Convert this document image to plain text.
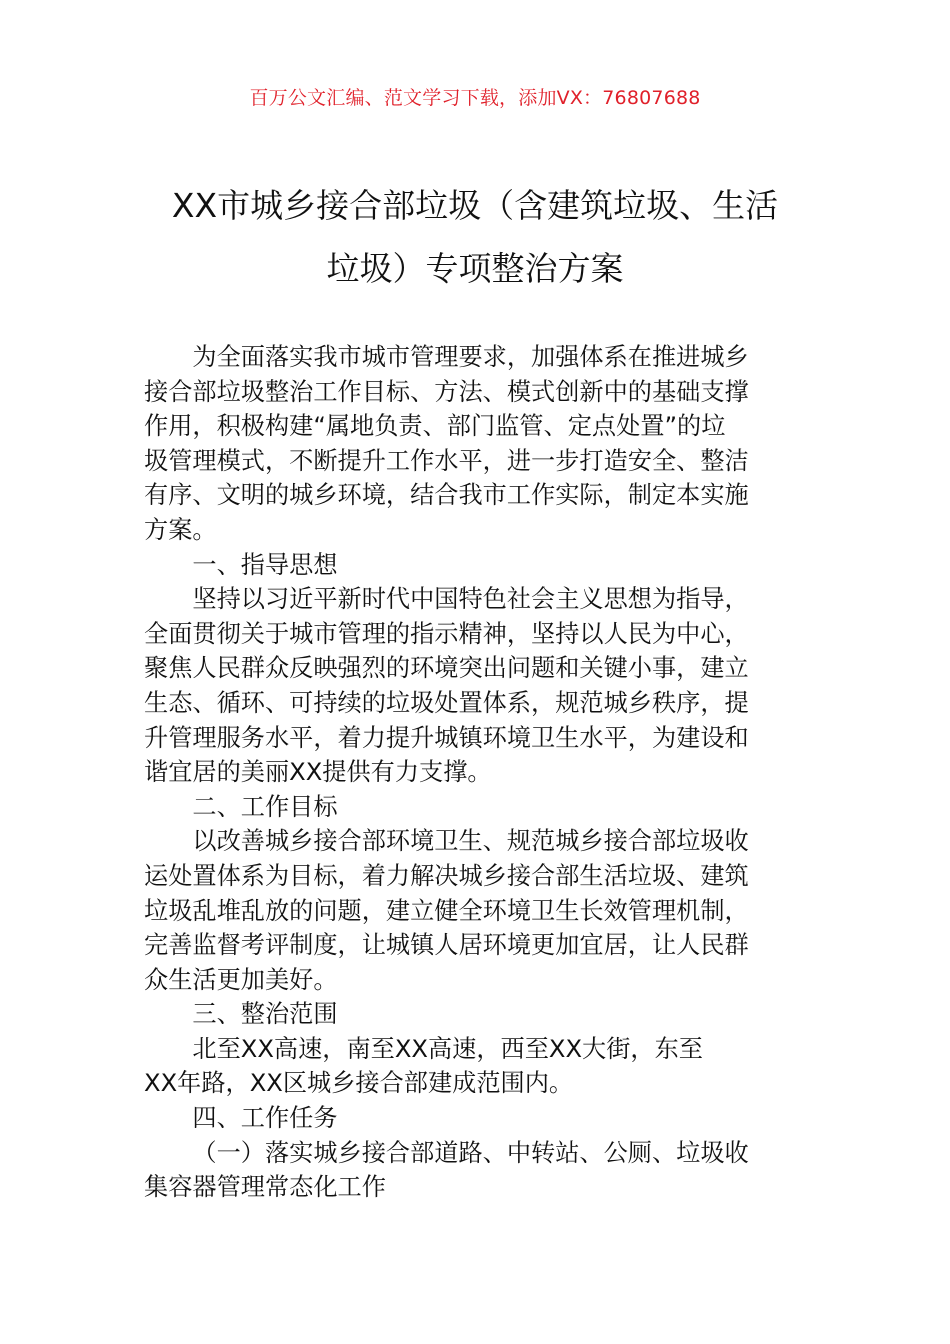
百万公文汇编、范文学习下载，添加VX：76807688
XX市城乡接合部垃圾（含建筑垃圾、生活
垃圾）专项整治方案
为全面落实我市城市管理要求，加强体系在推进城乡
接合部垃圾整治工作目标、方法、模式创新中的基础支撑
作用，积极构建“属地负责、部门监管、定点处置”的垃
圾管理模式，不断提升工作水平，进一步打造安全、整洁
有序、文明的城乡环境，结合我市工作实际，制定本实施
方案。
一、指导思想
坚持以习近平新时代中国特色社会主义思想为指导，
全面贯彻关于城市管理的指示精神，坚持以人民为中心，
聚焦人民群众反映强烈的环境突出问题和关键小事，建立
生态、循环、可持续的垃圾处置体系，规范城乡秩序，提
升管理服务水平，着力提升城镇环境卫生水平，为建设和
谐宜居的美丽XX提供有力支撑。
二、工作目标
以改善城乡接合部环境卫生、规范城乡接合部垃圾收
运处置体系为目标，着力解决城乡接合部生活垃圾、建筑
垃圾乱堆乱放的问题，建立健全环境卫生长效管理机制，
完善监督考评制度，让城镇人居环境更加宜居，让人民群
众生活更加美好。
三、整治范围
北至XX高速，南至XX高速，西至XX大街，东至
XX年路，XX区城乡接合部建成范围内。
四、工作任务
（一）落实城乡接合部道路、中转站、公厕、垃圾收
集容器管理常态化工作
